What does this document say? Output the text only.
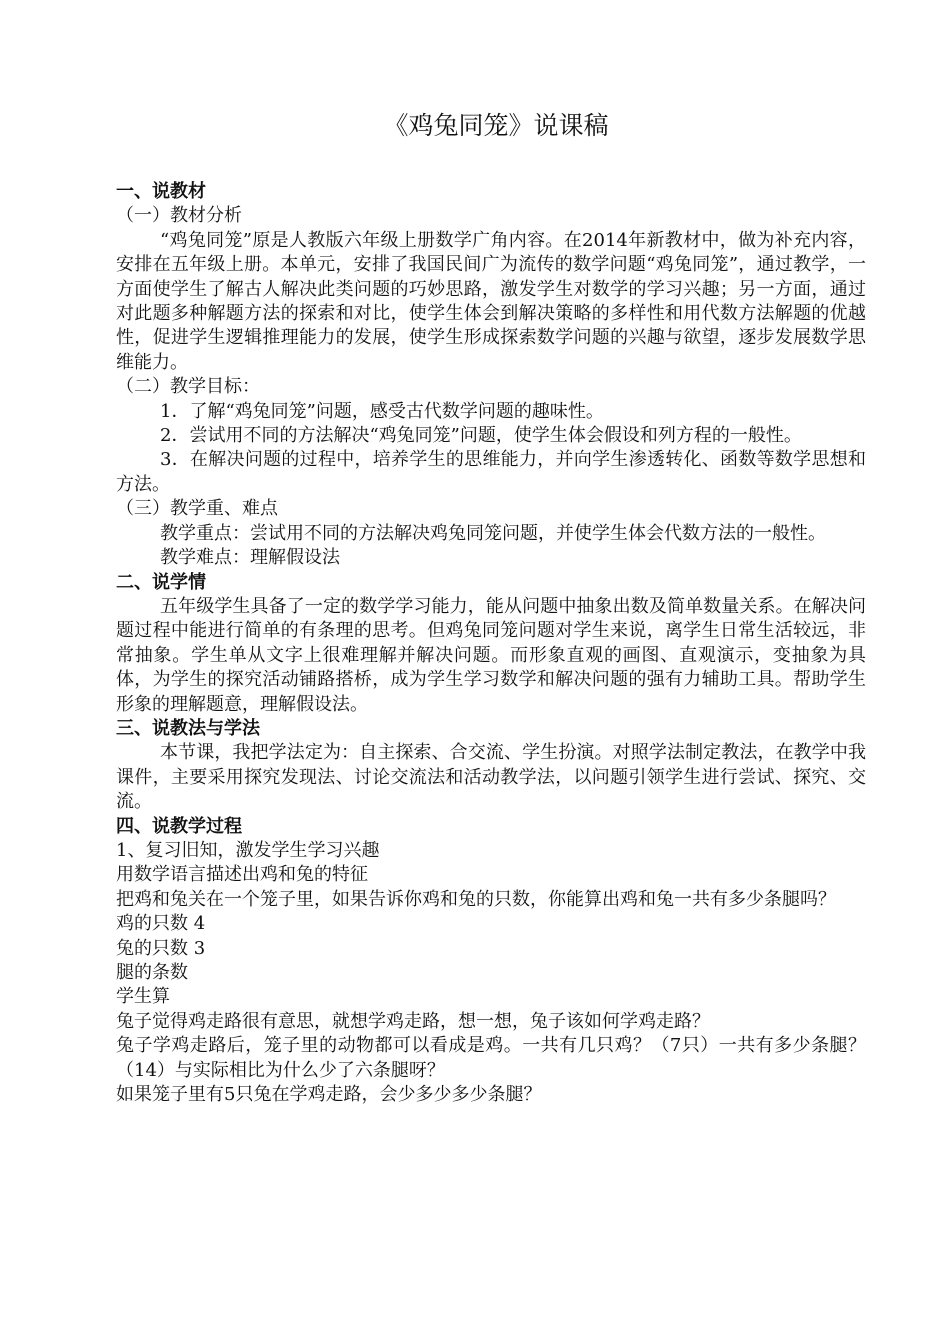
《鸡兔同笼》说课稿
一、说教材
（一）教材分析
“鸡兔同笼”原是人教版六年级上册数学广角内容。在2014年新教材中，做为补充内容，安排在五年级上册。本单元，安排了我国民间广为流传的数学问题“鸡兔同笼”，通过教学，一方面使学生了解古人解决此类问题的巧妙思路，激发学生对数学的学习兴趣；另一方面，通过对此题多种解题方法的探索和对比，使学生体会到解决策略的多样性和用代数方法解题的优越性，促进学生逻辑推理能力的发展，使学生形成探索数学问题的兴趣与欲望，逐步发展数学思维能力。
（二）教学目标：
1．了解“鸡兔同笼”问题，感受古代数学问题的趣味性。
2．尝试用不同的方法解决“鸡兔同笼”问题，使学生体会假设和列方程的一般性。
3．在解决问题的过程中，培养学生的思维能力，并向学生渗透转化、函数等数学思想和方法。
（三）教学重、难点
教学重点：尝试用不同的方法解决鸡兔同笼问题，并使学生体会代数方法的一般性。
教学难点：理解假设法
二、说学情
五年级学生具备了一定的数学学习能力，能从问题中抽象出数及简单数量关系。在解决问题过程中能进行简单的有条理的思考。但鸡兔同笼问题对学生来说，离学生日常生活较远，非常抽象。学生单从文字上很难理解并解决问题。而形象直观的画图、直观演示，变抽象为具体，为学生的探究活动铺路搭桥，成为学生学习数学和解决问题的强有力辅助工具。帮助学生形象的理解题意，理解假设法。
三、说教法与学法
本节课，我把学法定为：自主探索、合交流、学生扮演。对照学法制定教法，在教学中我课件，主要采用探究发现法、讨论交流法和活动教学法，以问题引领学生进行尝试、探究、交流。
四、说教学过程
1、复习旧知，激发学生学习兴趣
用数学语言描述出鸡和兔的特征
把鸡和兔关在一个笼子里，如果告诉你鸡和兔的只数，你能算出鸡和兔一共有多少条腿吗？
鸡的只数 4
兔的只数 3
腿的条数
学生算
兔子觉得鸡走路很有意思，就想学鸡走路，想一想，兔子该如何学鸡走路？
兔子学鸡走路后，笼子里的动物都可以看成是鸡。一共有几只鸡？（7只）一共有多少条腿？（14）与实际相比为什么少了六条腿呀？
如果笼子里有5只兔在学鸡走路，会少多少多少条腿？
